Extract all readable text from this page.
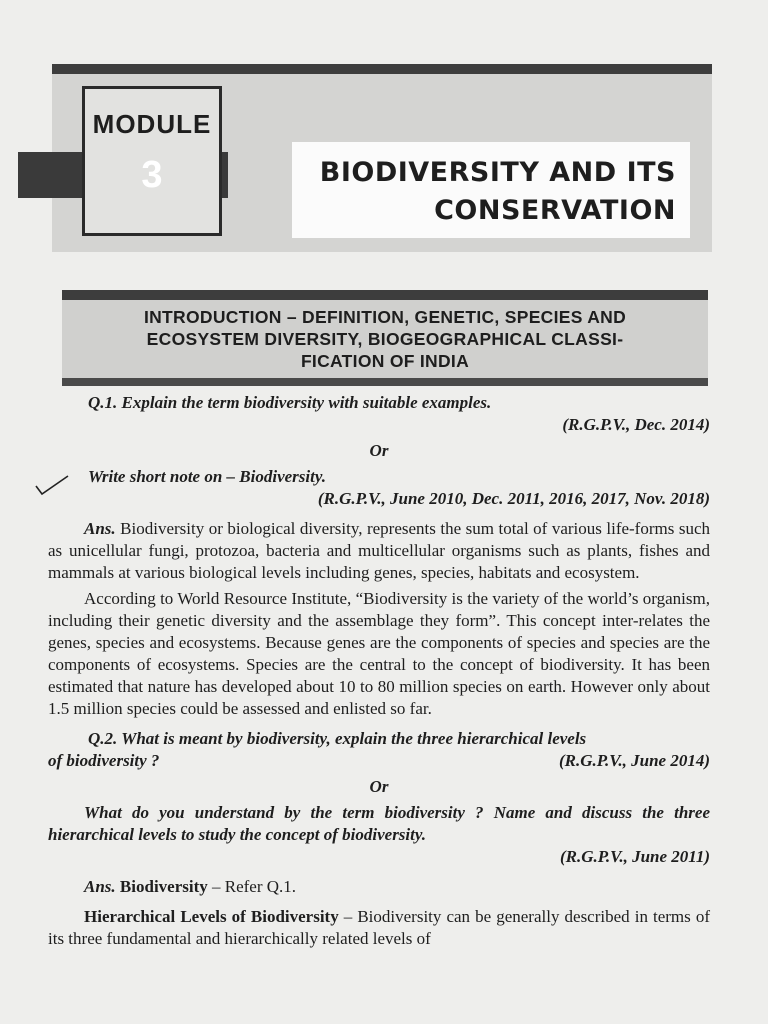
MODULE
3	BIODIVERSITY AND ITS
CONSERVATION
INTRODUCTION – DEFINITION, GENETIC, SPECIES AND
ECOSYSTEM DIVERSITY, BIOGEOGRAPHICAL CLASSI-
FICATION OF INDIA

Q.1. Explain the term biodiversity with suitable examples.

(R.G.P.V., Dec. 2014)

Or

Write short note on – Biodiversity.

(R.G.P.V., June 2010, Dec. 2011, 2016, 2017, Nov. 2018)

Ans. Biodiversity or biological diversity, represents the sum total of various life-forms such as unicellular fungi, protozoa, bacteria and multicellular organisms such as plants, fishes and mammals at various biological levels including genes, species, habitats and ecosystem.

According to World Resource Institute, “Biodiversity is the variety of the world’s organism, including their genetic diversity and the assemblage they form”. This concept inter-relates the genes, species and ecosystems. Because genes are the components of species and species are the components of ecosystems. Species are the central to the concept of biodiversity. It has been estimated that nature has developed about 10 to 80 million species on earth. However only about 1.5 million species could be assessed and enlisted so far.

Q.2. What is meant by biodiversity, explain the three hierarchical levels

of biodiversity ?	(R.G.P.V., June 2014)

Or

What do you understand by the term biodiversity ? Name and discuss the three hierarchical levels to study the concept of biodiversity.

(R.G.P.V., June 2011)

Ans. Biodiversity – Refer Q.1.

Hierarchical Levels of Biodiversity – Biodiversity can be generally described in terms of its three fundamental and hierarchically related levels of
